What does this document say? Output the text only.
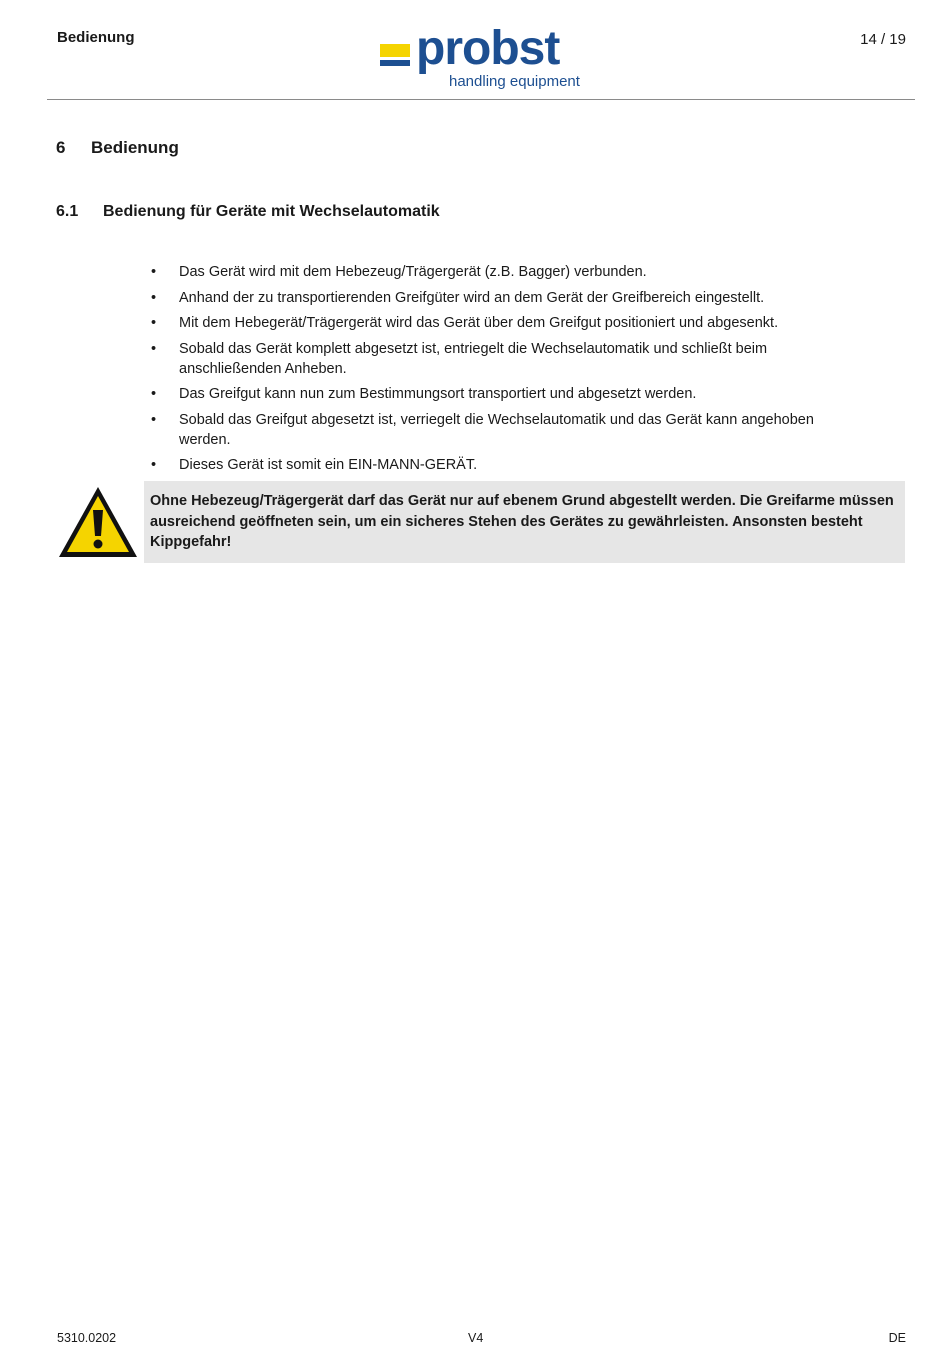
Bedienung	probst
handling equipment
14 / 19
6 Bedienung
6.1 Bedienung für Geräte mit Wechselautomatik
• Das Gerät wird mit dem Hebezeug/Trägergerät (z.B. Bagger) verbunden.
• Anhand der zu transportierenden Greifgüter wird an dem Gerät der Greifbereich eingestellt.
• Mit dem Hebegerät/Trägergerät wird das Gerät über dem Greifgut positioniert und abgesenkt.
• Sobald das Gerät komplett abgesetzt ist, entriegelt die Wechselautomatik und schließt beim anschließenden Anheben.
• Das Greifgut kann nun zum Bestimmungsort transportiert und abgesetzt werden.
• Sobald das Greifgut abgesetzt ist, verriegelt die Wechselautomatik und das Gerät kann angehoben werden.
• Dieses Gerät ist somit ein EIN-MANN-GERÄT.
Ohne Hebezeug/Trägergerät darf das Gerät nur auf ebenem Grund abgestellt werden. Die Greifarme müssen ausreichend geöffneten sein, um ein sicheres Stehen des Gerätes zu gewährleisten. Ansonsten besteht Kippgefahr!
5310.0202	V4	DE
